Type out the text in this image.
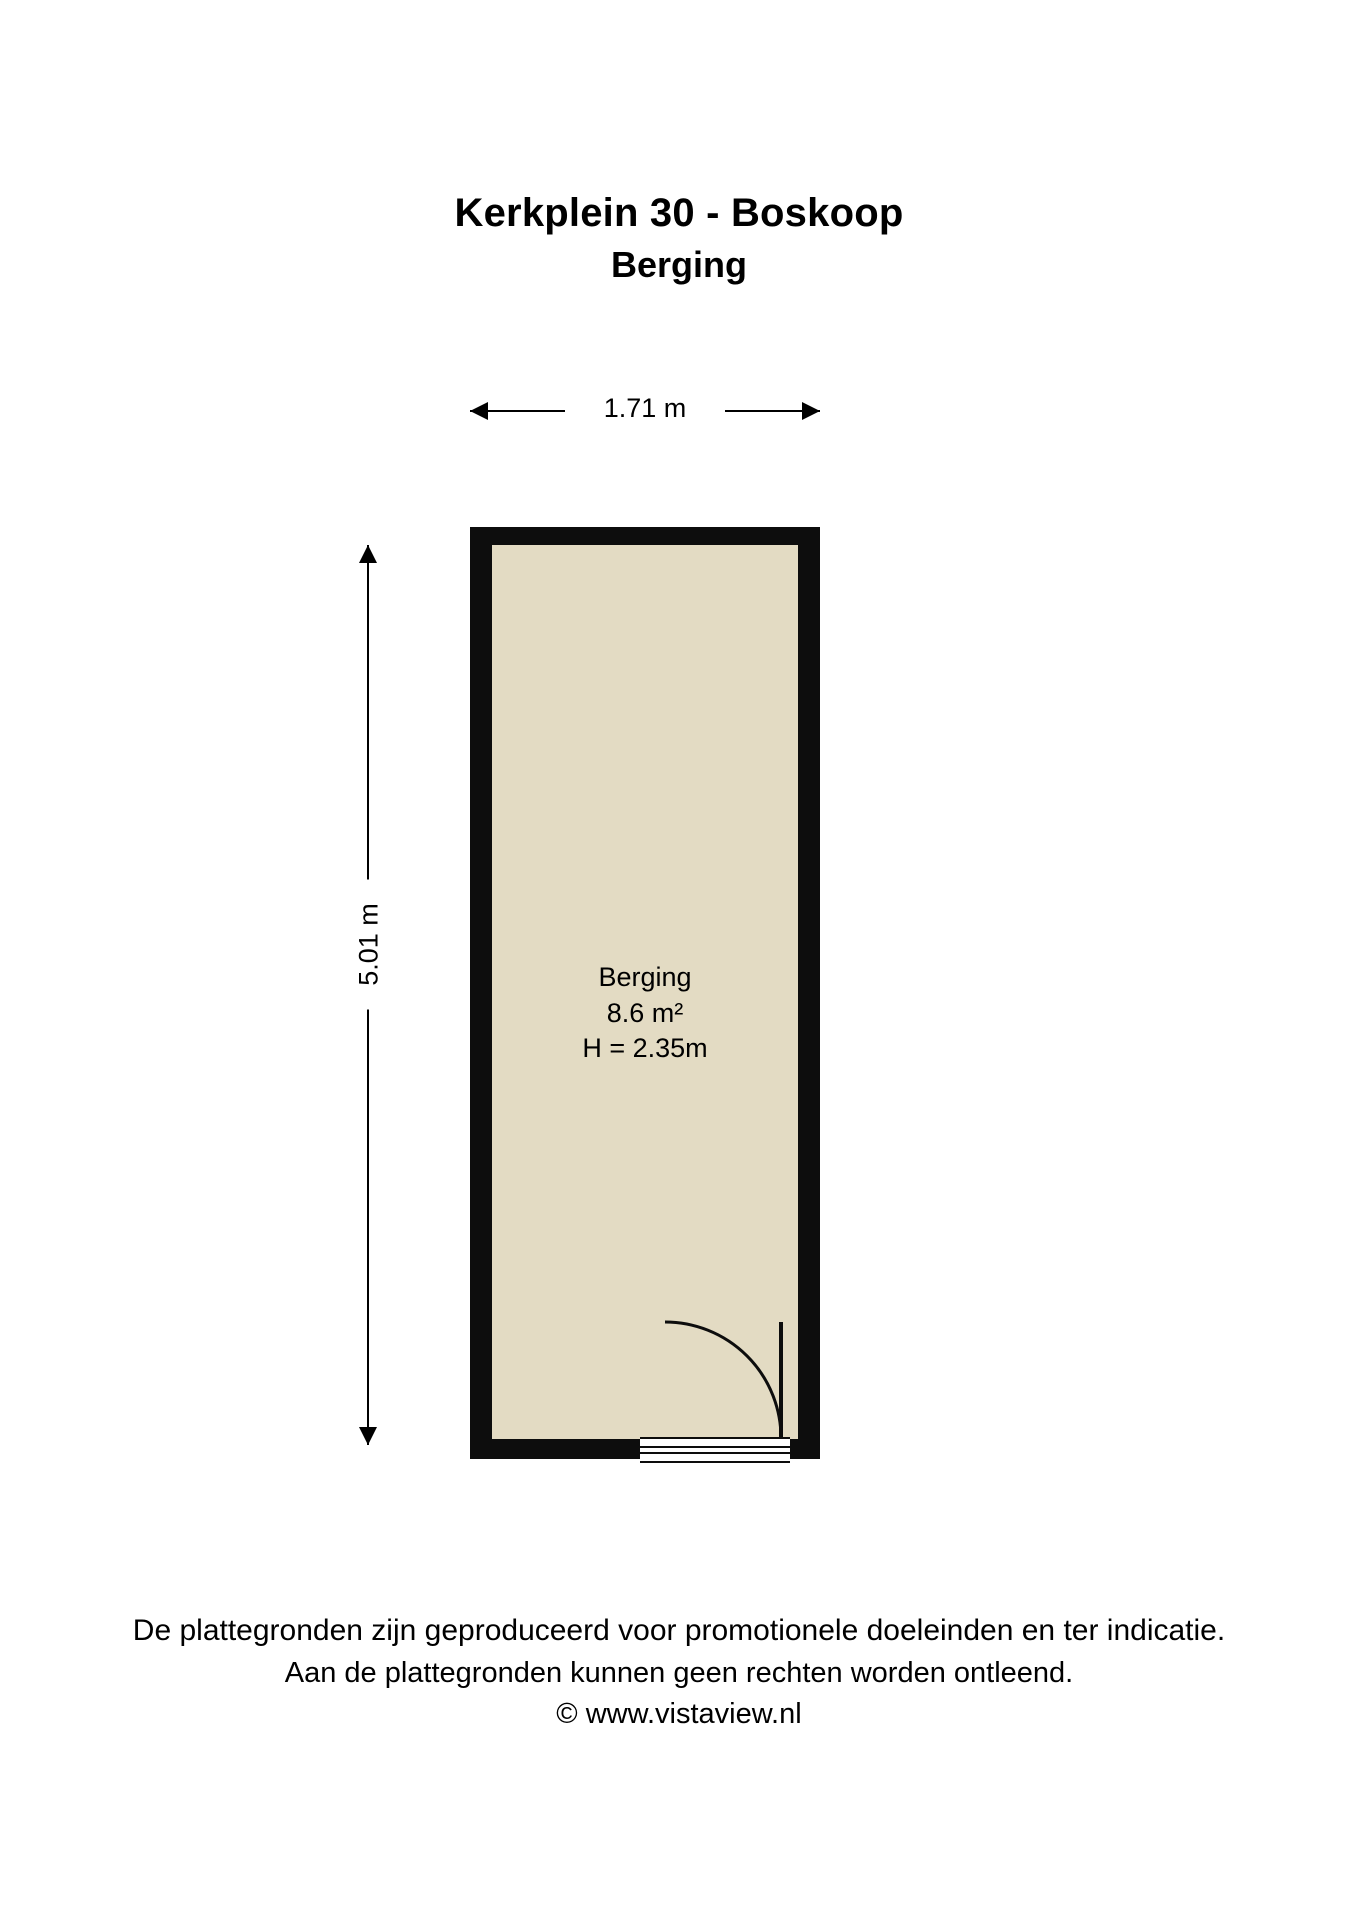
Kerkplein 30 - Boskoop
Berging
1.71 m
5.01 m	Berging
8.6 m²
H = 2.35m
De plattegronden zijn geproduceerd voor promotionele doeleinden en ter indicatie.
Aan de plattegronden kunnen geen rechten worden ontleend.
© www.vistaview.nl
